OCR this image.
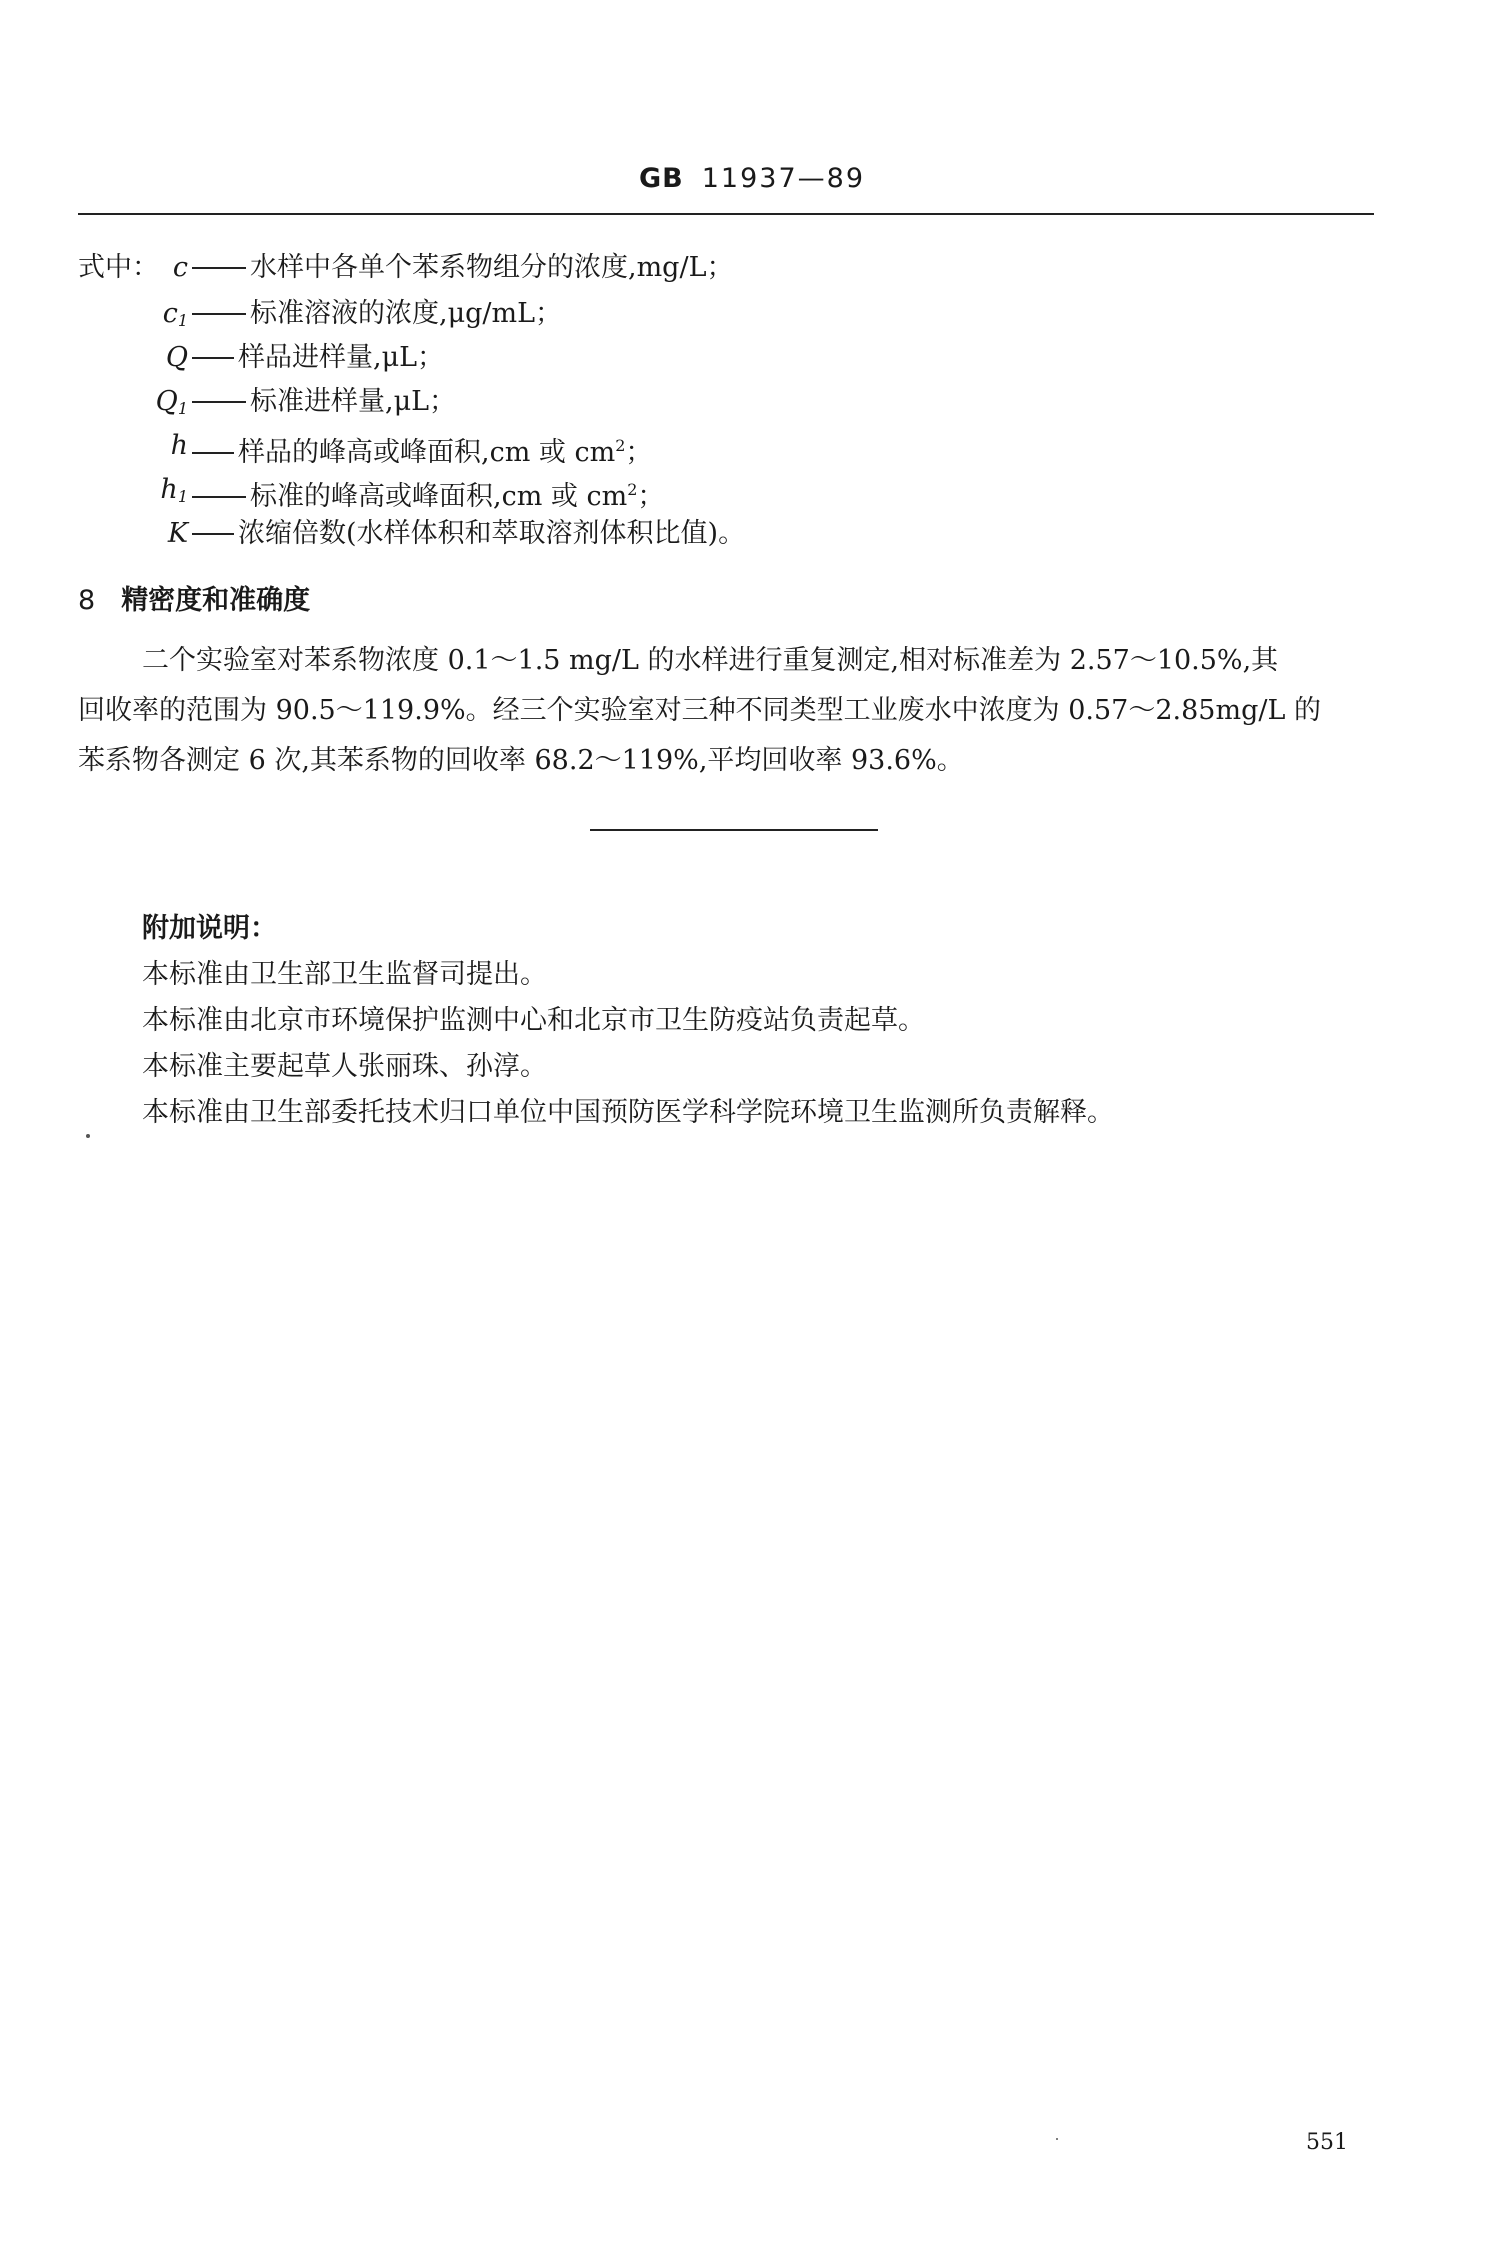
GB 11937—89
式中： c	水样中各单个苯系物组分的浓度,mg/L；
$c_1$	标准溶液的浓度,μg/mL；
Q	样品进样量,μL；
$Q_1$	标准进样量,μL；
h	样品的峰高或峰面积,cm 或 $cm^2$；
$h_1$	标准的峰高或峰面积,cm 或 $cm^2$；
K	浓缩倍数(水样体积和萃取溶剂体积比值)。
8 精密度和准确度
二个实验室对苯系物浓度 0.1～1.5 mg/L 的水样进行重复测定,相对标准差为 2.57～10.5%,其
回收率的范围为 90.5～119.9%。经三个实验室对三种不同类型工业废水中浓度为 0.57～2.85mg/L 的
苯系物各测定 6 次,其苯系物的回收率 68.2～119%,平均回收率 93.6%。
附加说明：
本标准由卫生部卫生监督司提出。
本标准由北京市环境保护监测中心和北京市卫生防疫站负责起草。
本标准主要起草人张丽珠、孙淳。
本标准由卫生部委托技术归口单位中国预防医学科学院环境卫生监测所负责解释。
551
